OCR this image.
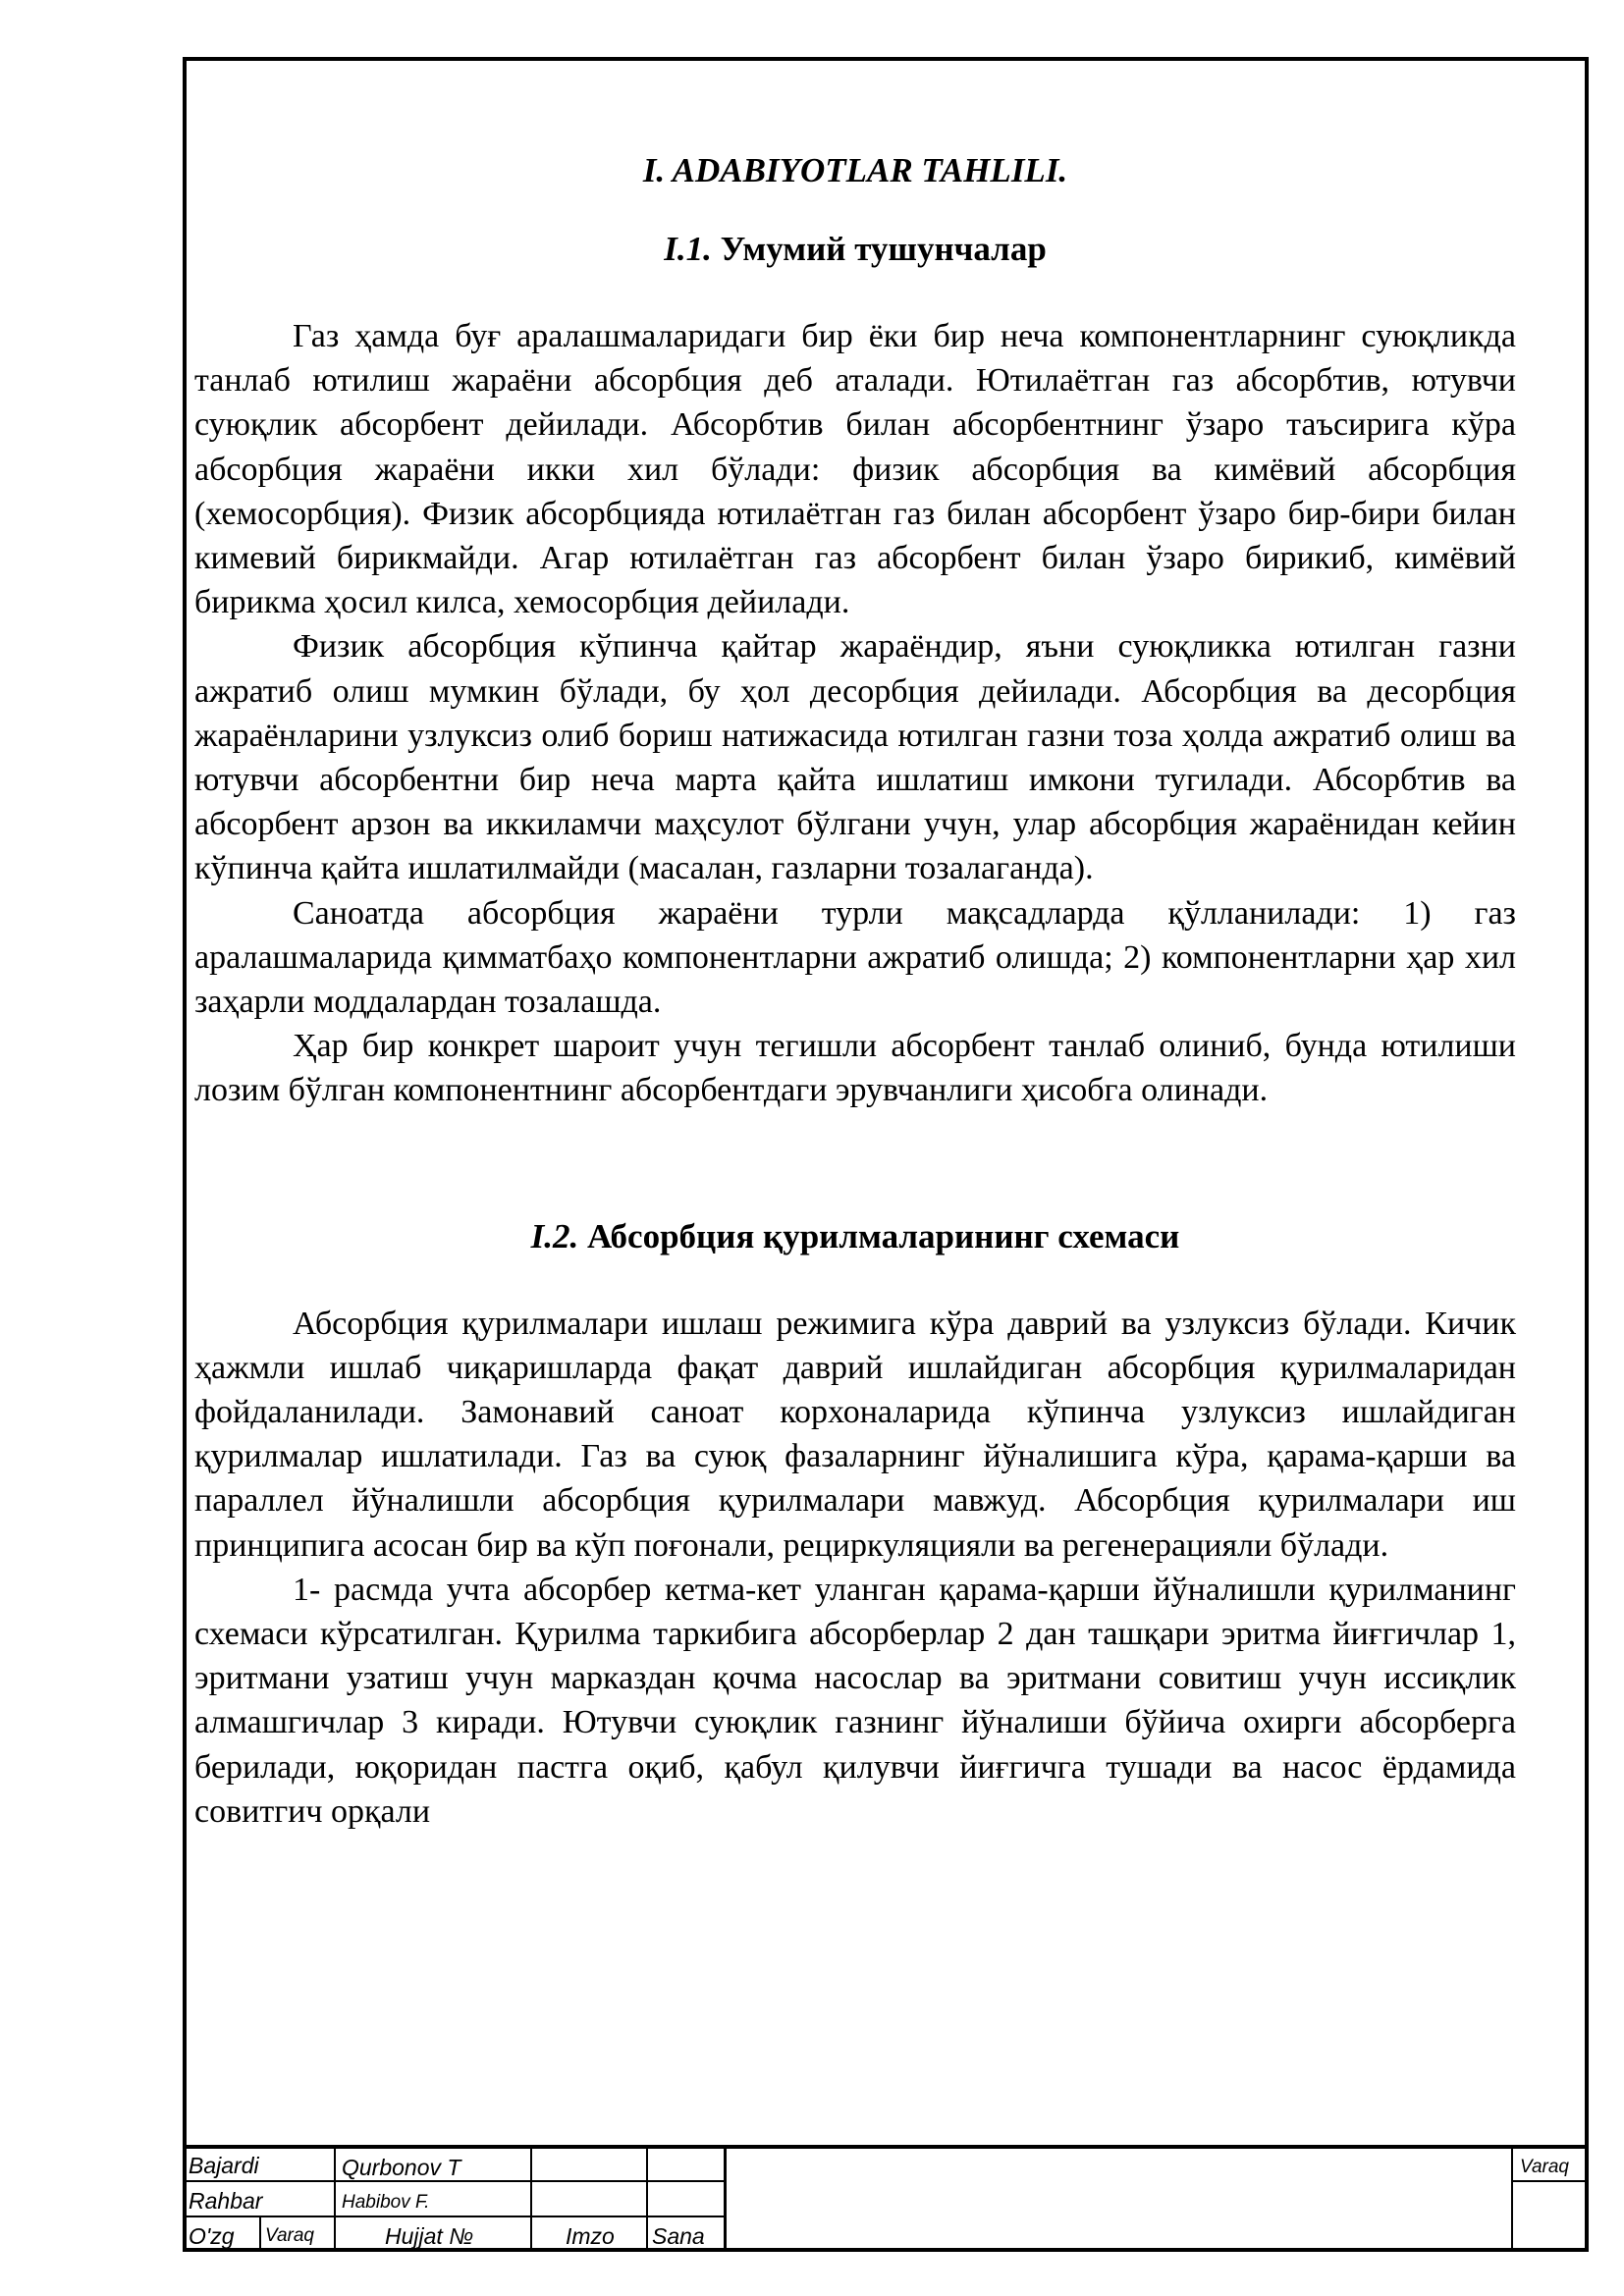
I. ADABIYOTLAR TAHLILI.
I.1. Умумий тушунчалар

Газ ҳамда буғ аралашмаларидаги бир ёки бир неча компонентларнинг суюқликда танлаб ютилиш жараёни абсорбция деб аталади. Ютилаётган газ абсорбтив, ютувчи суюқлик абсорбент дейилади. Абсорбтив билан абсорбентнинг ўзаро таъсирига кўра абсорбция жараёни икки хил бўлади: физик абсорбция ва кимёвий абсорбция (хемосорбция). Физик абсорбцияда ютилаётган газ билан абсорбент ўзаро бир-бири билан кимевий бирикмайди. Агар ютилаётган газ абсорбент билан ўзаро бирикиб, кимёвий бирикма ҳосил килса, хемосорбция дейилади.

Физик абсорбция кўпинча қайтар жараёндир, яъни суюқликка ютилган газни ажратиб олиш мумкин бўлади, бу ҳол десорбция дейилади. Абсорбция ва десорбция жараёнларини узлуксиз олиб бориш натижасида ютилган газни тоза ҳолда ажратиб олиш ва ютувчи абсорбентни бир неча марта қайта ишлатиш имкони тугилади. Абсорбтив ва абсорбент арзон ва иккиламчи маҳсулот бўлгани учун, улар абсорбция жараёнидан кейин кўпинча қайта ишлатилмайди (масалан, газларни тозалаганда).

Саноатда абсорбция жараёни турли мақсадларда қўлланилади: 1) газ аралашмаларида қимматбаҳо компонентларни ажратиб олишда; 2) компонентларни ҳар хил заҳарли моддалардан тозалашда.

Ҳар бир конкрет шароит учун тегишли абсорбент танлаб олиниб, бунда ютилиши лозим бўлган компонентнинг абсорбентдаги эрувчанлиги ҳисобга олинади.

I.2. Абсорбция қурилмаларининг схемаси

Абсорбция қурилмалари ишлаш режимига кўра даврий ва узлуксиз бўлади. Кичик ҳажмли ишлаб чиқаришларда фақат даврий ишлайдиган абсорбция қурилмаларидан фойдаланилади. Замонавий саноат корхоналарида кўпинча узлуксиз ишлайдиган қурилмалар ишлатилади. Газ ва суюқ фазаларнинг йўналишига кўра, қарама-қарши ва параллел йўналишли абсорбция қурилмалари мавжуд. Абсорбция қурилмалари иш принципига асосан бир ва кўп поғонали, рециркуляцияли ва регенерацияли бўлади.

1- расмда учта абсорбер кетма-кет уланган қарама-қарши йўналишли қурилманинг схемаси кўрсатилган. Қурилма таркибига абсорберлар 2 дан ташқари эритма йиғгичлар 1, эритмани узатиш учун марказдан қочма насослар ва эритмани совитиш учун иссиқлик алмашгичлар 3 киради. Ютувчи суюқлик газнинг йўналиши бўйича охирги абсорберга берилади, юқоридан пастга оқиб, қабул қилувчи йиғгичга тушади ва насос ёрдамида совитгич орқали

Bajardi	Qurbonov T
Rahbar	Habibov F.
O'zg Varaq	Hujjat №	Imzo Sana
Varaq
